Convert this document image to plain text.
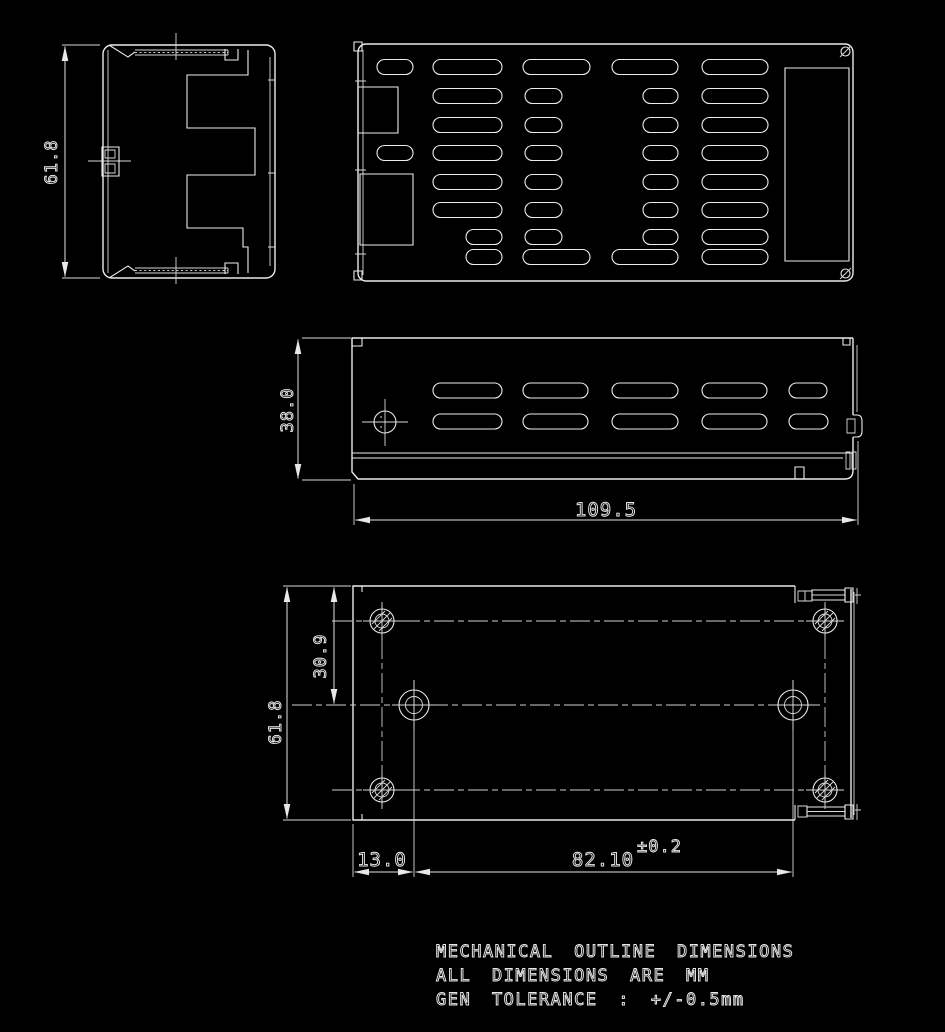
61.8
38.0
109.5
61.8
30.9
13.0	82.10
±0.2
MECHANICAL OUTLINE DIMENSIONS
ALL DIMENSIONS ARE MM
GEN TOLERANCE : +/-0.5mm
